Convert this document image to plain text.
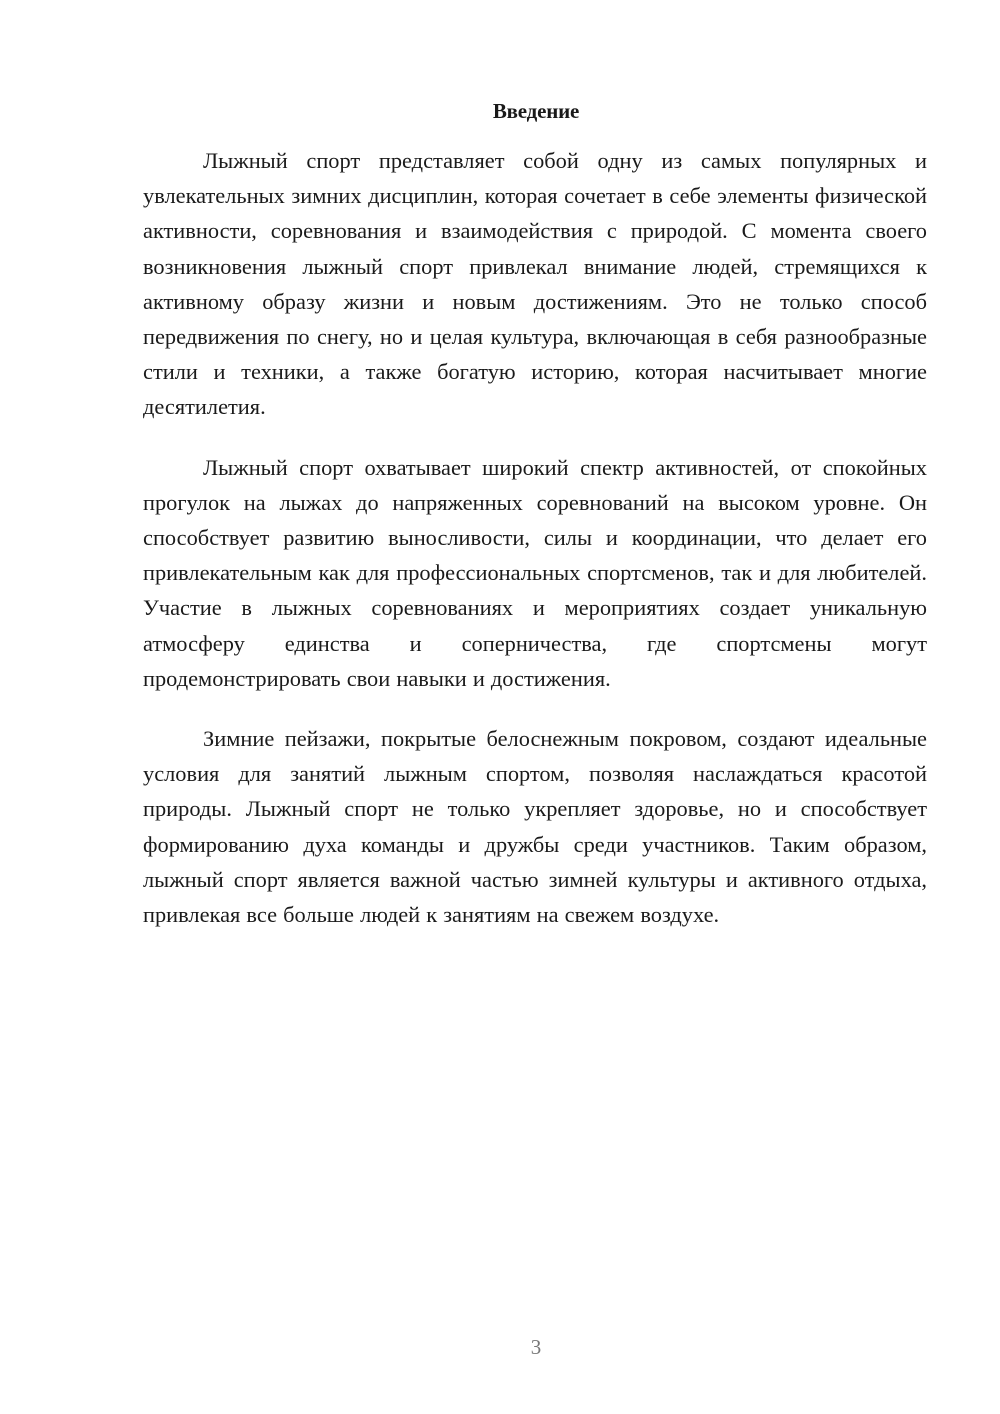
Введение

Лыжный спорт представляет собой одну из самых популярных и увлекательных зимних дисциплин, которая сочетает в себе элементы физической активности, соревнования и взаимодействия с природой. С момента своего возникновения лыжный спорт привлекал внимание людей, стремящихся к активному образу жизни и новым достижениям. Это не только способ передвижения по снегу, но и целая культура, включающая в себя разнообразные стили и техники, а также богатую историю, которая насчитывает многие десятилетия.

Лыжный спорт охватывает широкий спектр активностей, от спокойных прогулок на лыжах до напряженных соревнований на высоком уровне. Он способствует развитию выносливости, силы и координации, что делает его привлекательным как для профессиональных спортсменов, так и для любителей. Участие в лыжных соревнованиях и мероприятиях создает уникальную атмосферу единства и соперничества, где спортсмены могут продемонстрировать свои навыки и достижения.

Зимние пейзажи, покрытые белоснежным покровом, создают идеальные условия для занятий лыжным спортом, позволяя наслаждаться красотой природы. Лыжный спорт не только укрепляет здоровье, но и способствует формированию духа команды и дружбы среди участников. Таким образом, лыжный спорт является важной частью зимней культуры и активного отдыха, привлекая все больше людей к занятиям на свежем воздухе.

3
